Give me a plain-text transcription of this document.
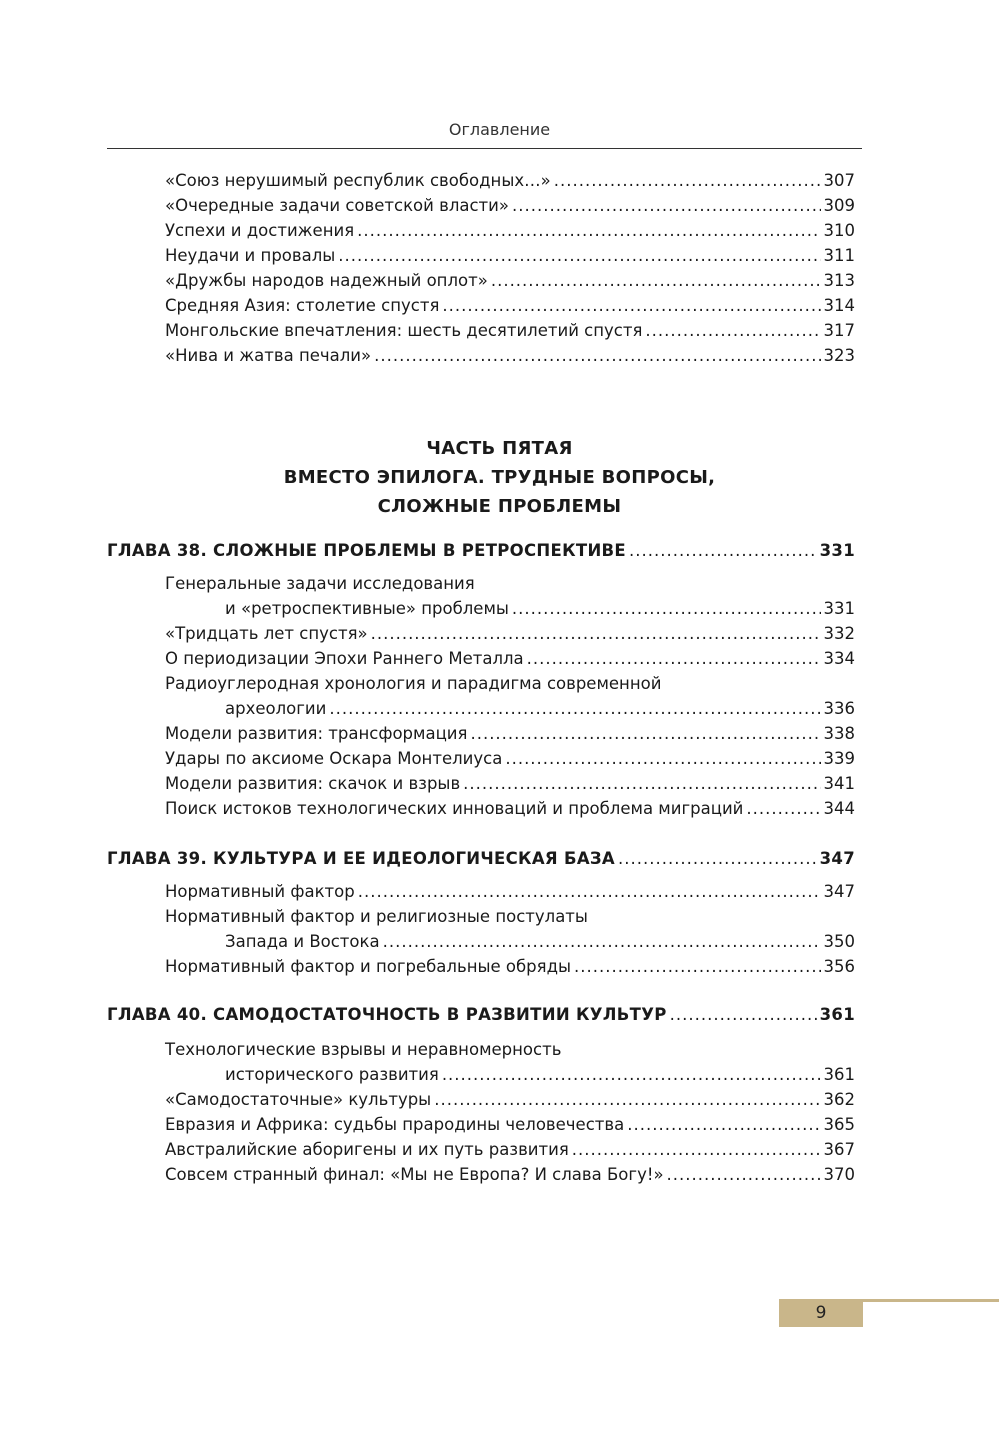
Оглавление
«Союз нерушимый республик свободных…» .....	307
«Очередные задачи советской власти» .....	309
Успехи и достижения .....	310
Неудачи и провалы .....	311
«Дружбы народов надежный оплот» .....	313
Средняя Азия: столетие спустя .....	314
Монгольские впечатления: шесть десятилетий спустя .....	317
«Нива и жатва печали» .....	323
ЧАСТЬ ПЯТАЯ
ВМЕСТО ЭПИЛОГА. ТРУДНЫЕ ВОПРОСЫ,
СЛОЖНЫЕ ПРОБЛЕМЫ
ГЛАВА 38. СЛОЖНЫЕ ПРОБЛЕМЫ В РЕТРОСПЕКТИВЕ .....	331
Генеральные задачи исследования
и «ретроспективные» проблемы .....	331
«Тридцать лет спустя» .....	332
О периодизации Эпохи Раннего Металла .....	334
Радиоуглеродная хронология и парадигма современной
археологии .....	336
Модели развития: трансформация .....	338
Удары по аксиоме Оскара Монтелиуса .....	339
Модели развития: скачок и взрыв .....	341
Поиск истоков технологических инноваций и проблема миграций .....	344
ГЛАВА 39. КУЛЬТУРА И ЕЕ ИДЕОЛОГИЧЕСКАЯ БАЗА .....	347
Нормативный фактор .....	347
Нормативный фактор и религиозные постулаты
Запада и Востока .....	350
Нормативный фактор и погребальные обряды .....	356
ГЛАВА 40. САМОДОСТАТОЧНОСТЬ В РАЗВИТИИ КУЛЬТУР .....	361
Технологические взрывы и неравномерность
исторического развития .....	361
«Самодостаточные» культуры .....	362
Евразия и Африка: судьбы прародины человечества .....	365
Австралийские аборигены и их путь развития .....	367
Совсем странный финал: «Мы не Европа? И слава Богу!» .....	370
9
